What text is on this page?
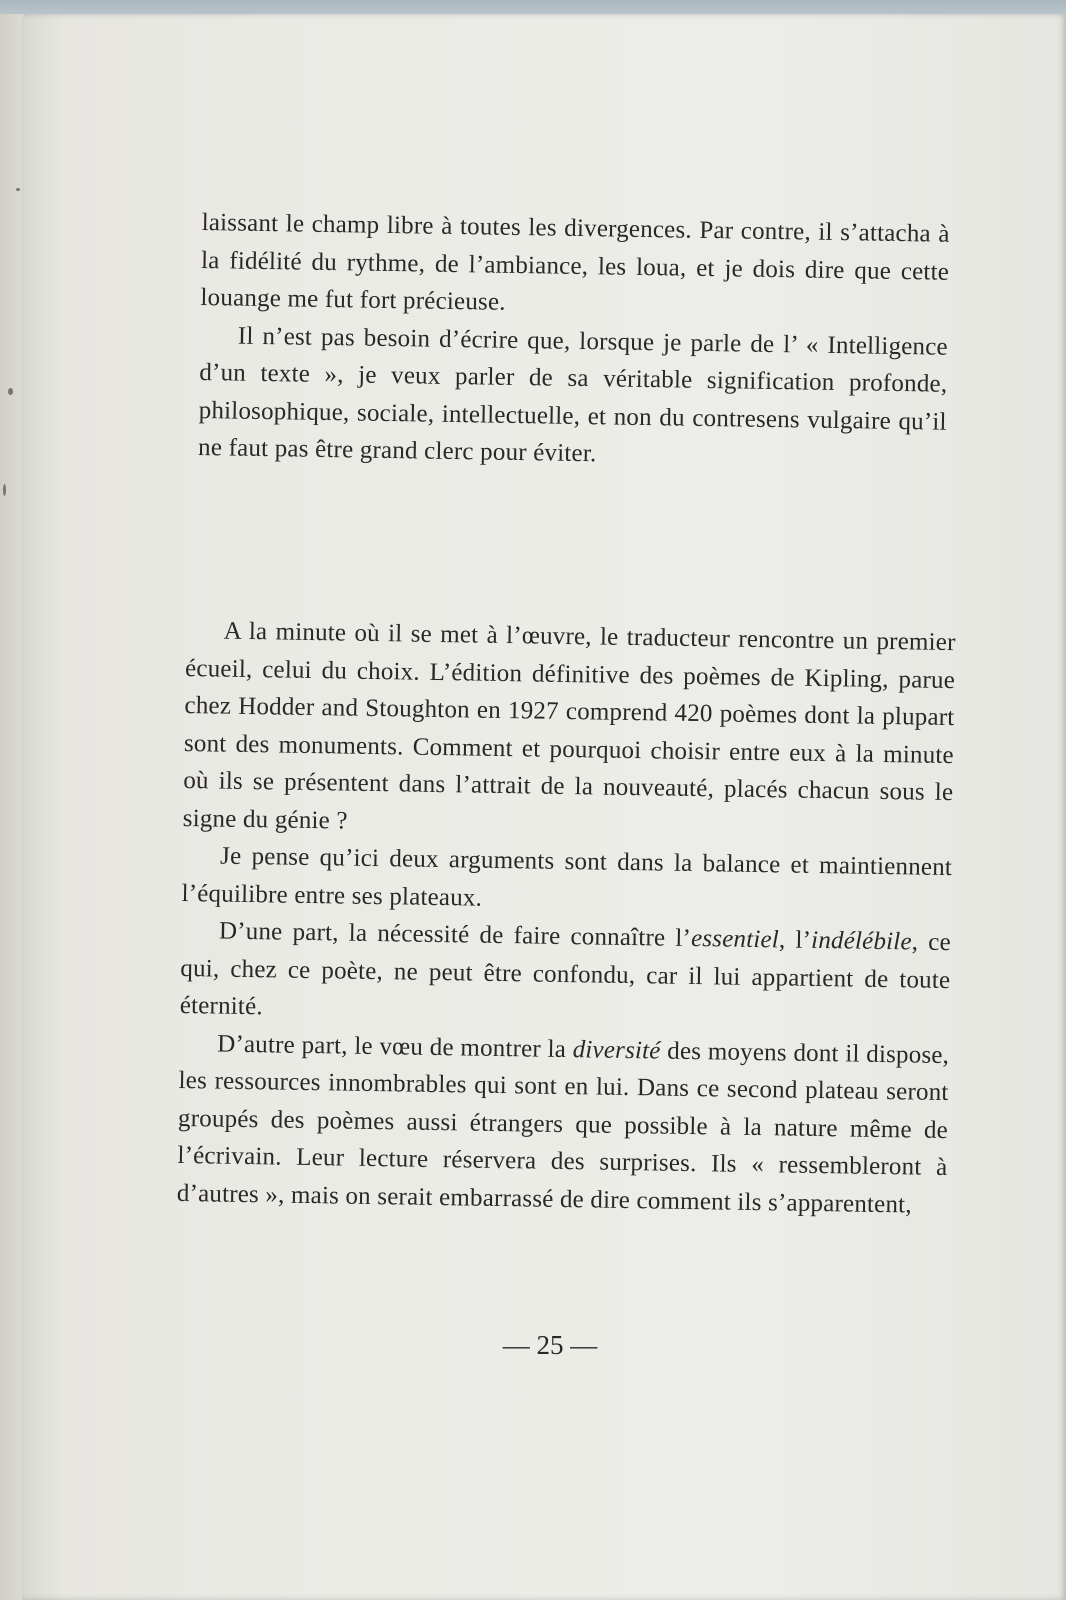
laissant le champ libre à toutes les divergences. Par contre, il s’attacha à la fidélité du rythme, de l’ambiance, les loua, et je dois dire que cette louange me fut fort précieuse.

Il n’est pas besoin d’écrire que, lorsque je parle de l’ « Intelligence d’un texte », je veux parler de sa véritable signification profonde, philosophique, sociale, intellectuelle, et non du contresens vulgaire qu’il ne faut pas être grand clerc pour éviter.

A la minute où il se met à l’œuvre, le traducteur rencontre un premier écueil, celui du choix. L’édition définitive des poèmes de Kipling, parue chez Hodder and Stoughton en 1927 comprend 420 poèmes dont la plupart sont des monuments. Comment et pourquoi choisir entre eux à la minute où ils se présentent dans l’attrait de la nouveauté, placés chacun sous le signe du génie ?

Je pense qu’ici deux arguments sont dans la balance et maintiennent l’équilibre entre ses plateaux.

D’une part, la nécessité de faire connaître l’essentiel, l’indélébile, ce qui, chez ce poète, ne peut être confondu, car il lui appartient de toute éternité.

D’autre part, le vœu de montrer la diversité des moyens dont il dispose, les ressources innombrables qui sont en lui. Dans ce second plateau seront groupés des poèmes aussi étrangers que possible à la nature même de l’écrivain. Leur lecture réservera des surprises. Ils « ressembleront à d’autres », mais on serait embarrassé de dire comment ils s’apparentent,

— 25 —
